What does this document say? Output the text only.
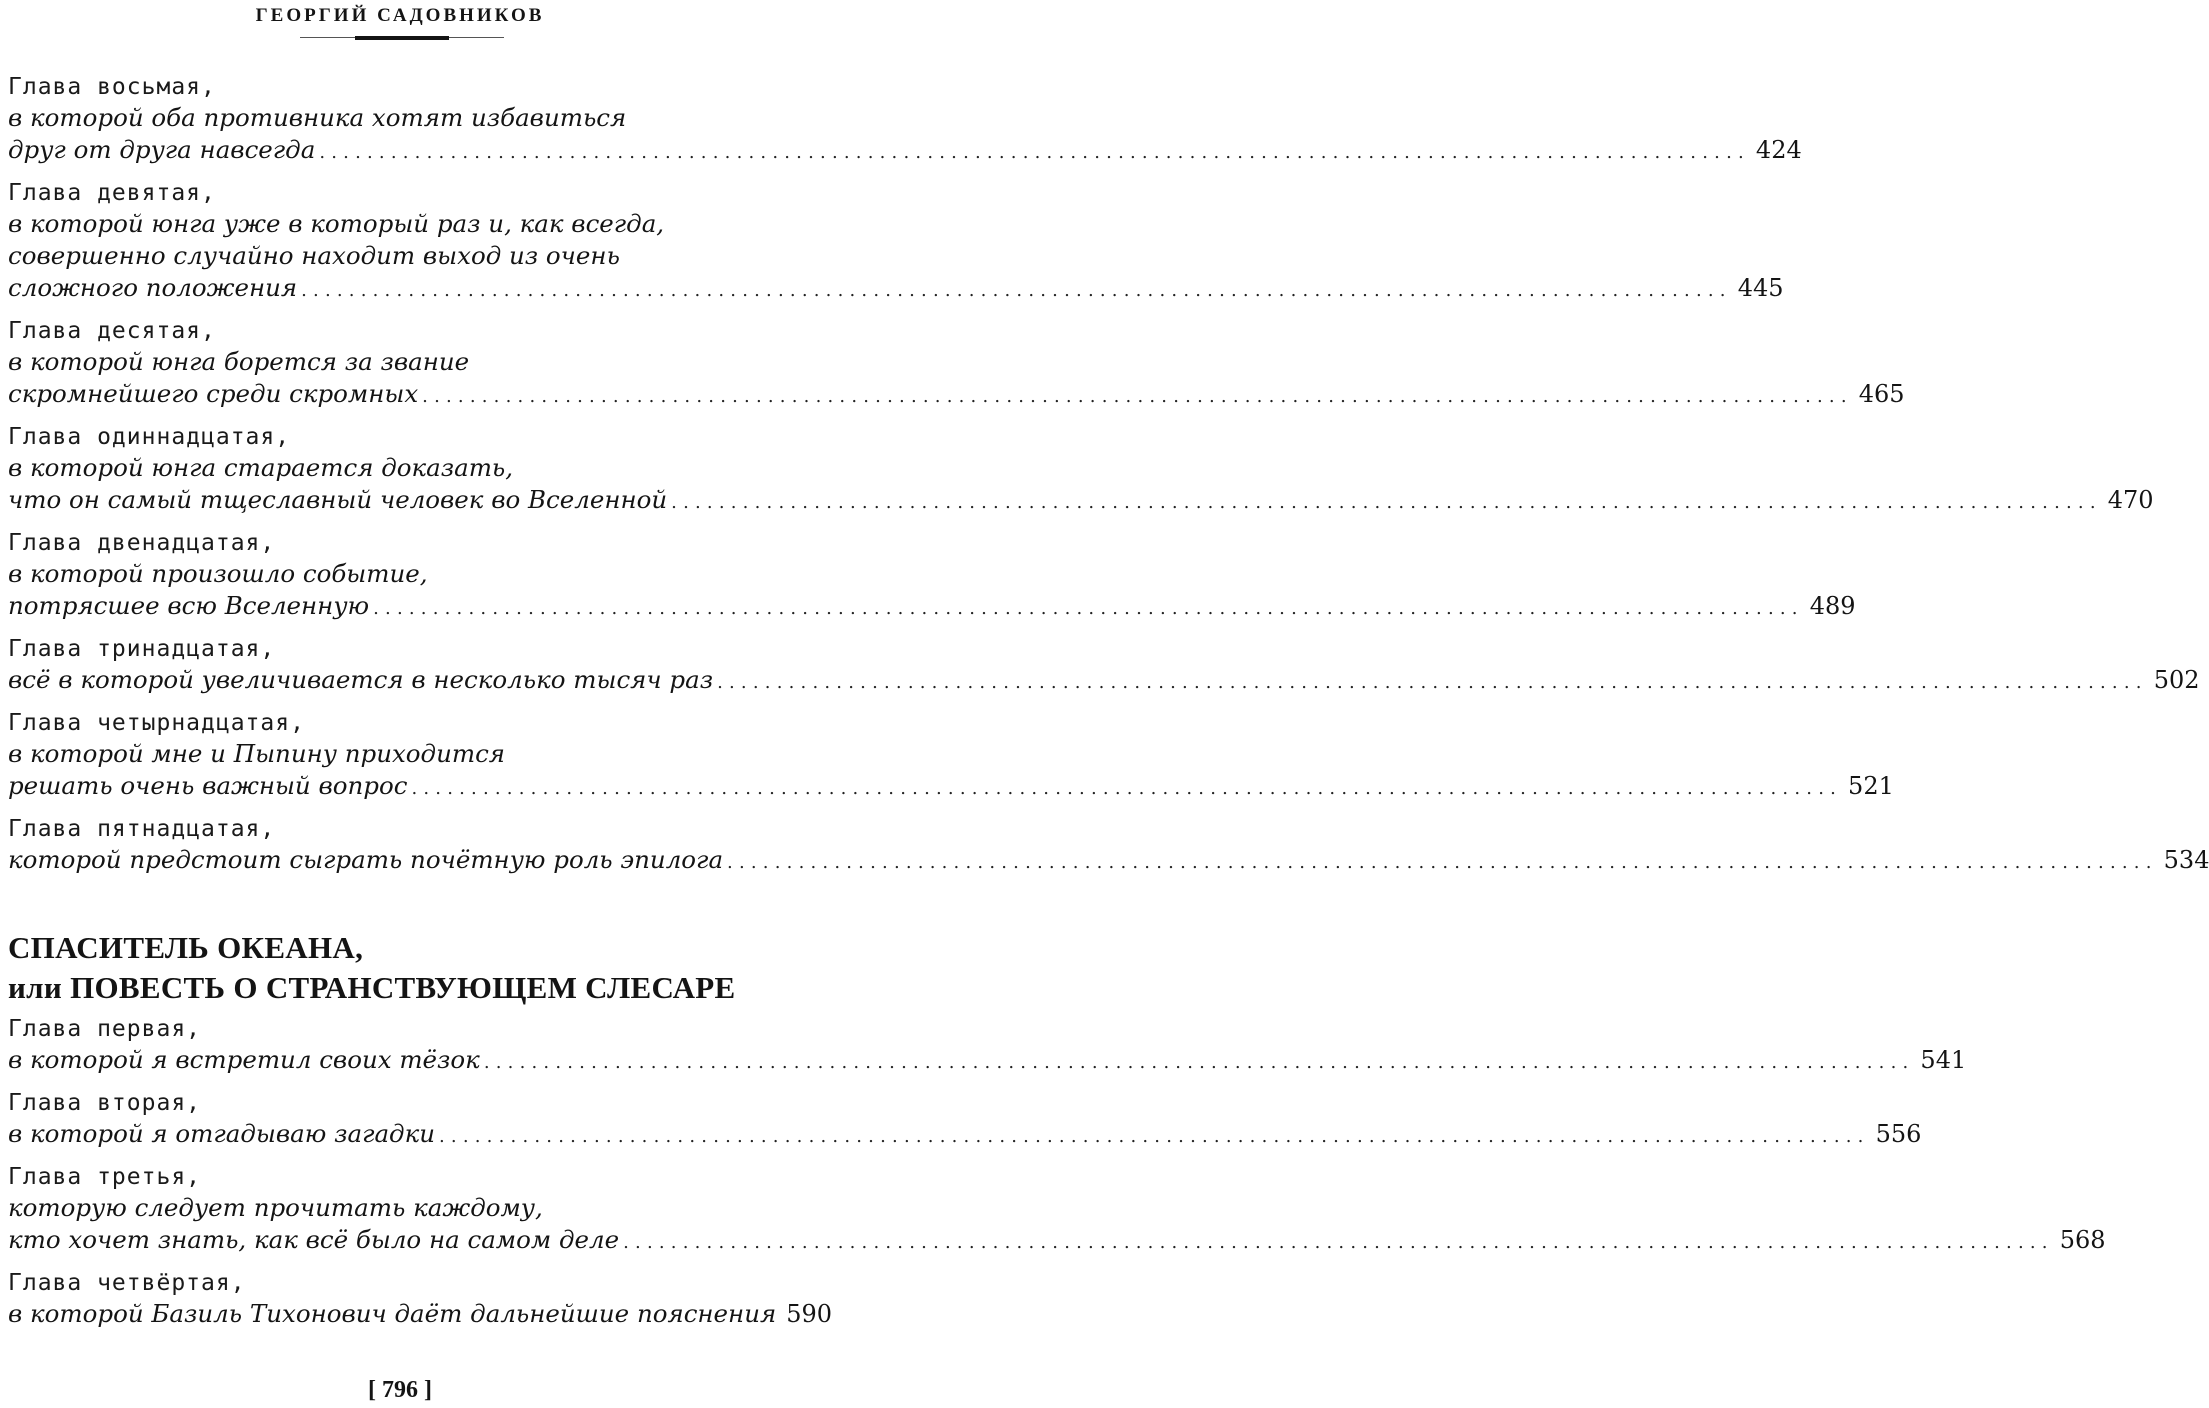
ГЕОРГИЙ САДОВНИКОВ
Глава восьмая,
в которой оба противника хотят избавиться
друг от друга навсегда ........................................................................................................................ 424
Глава девятая,
в которой юнга уже в который раз и, как всегда,
совершенно случайно находит выход из очень
сложного положения ........................................................................................................................ 445
Глава десятая,
в которой юнга борется за звание
скромнейшего среди скромных ........................................................................................................................ 465
Глава одиннадцатая,
в которой юнга старается доказать,
что он самый тщеславный человек во Вселенной ........................................................................................................................ 470
Глава двенадцатая,
в которой произошло событие,
потрясшее всю Вселенную ........................................................................................................................ 489
Глава тринадцатая,
всё в которой увеличивается в несколько тысяч раз ........................................................................................................................ 502
Глава четырнадцатая,
в которой мне и Пыпину приходится
решать очень важный вопрос ........................................................................................................................ 521
Глава пятнадцатая,
которой предстоит сыграть почётную роль эпилога ........................................................................................................................ 534
СПАСИТЕЛЬ ОКЕАНА,
или ПОВЕСТЬ О СТРАНСТВУЮЩЕМ СЛЕСАРЕ
Глава первая,
в которой я встретил своих тёзок ........................................................................................................................ 541
Глава вторая,
в которой я отгадываю загадки ........................................................................................................................ 556
Глава третья,
которую следует прочитать каждому,
кто хочет знать, как всё было на самом деле ........................................................................................................................ 568
Глава четвёртая,
в которой Базиль Тихонович даёт дальнейшие пояснения 590
[ 796 ]
